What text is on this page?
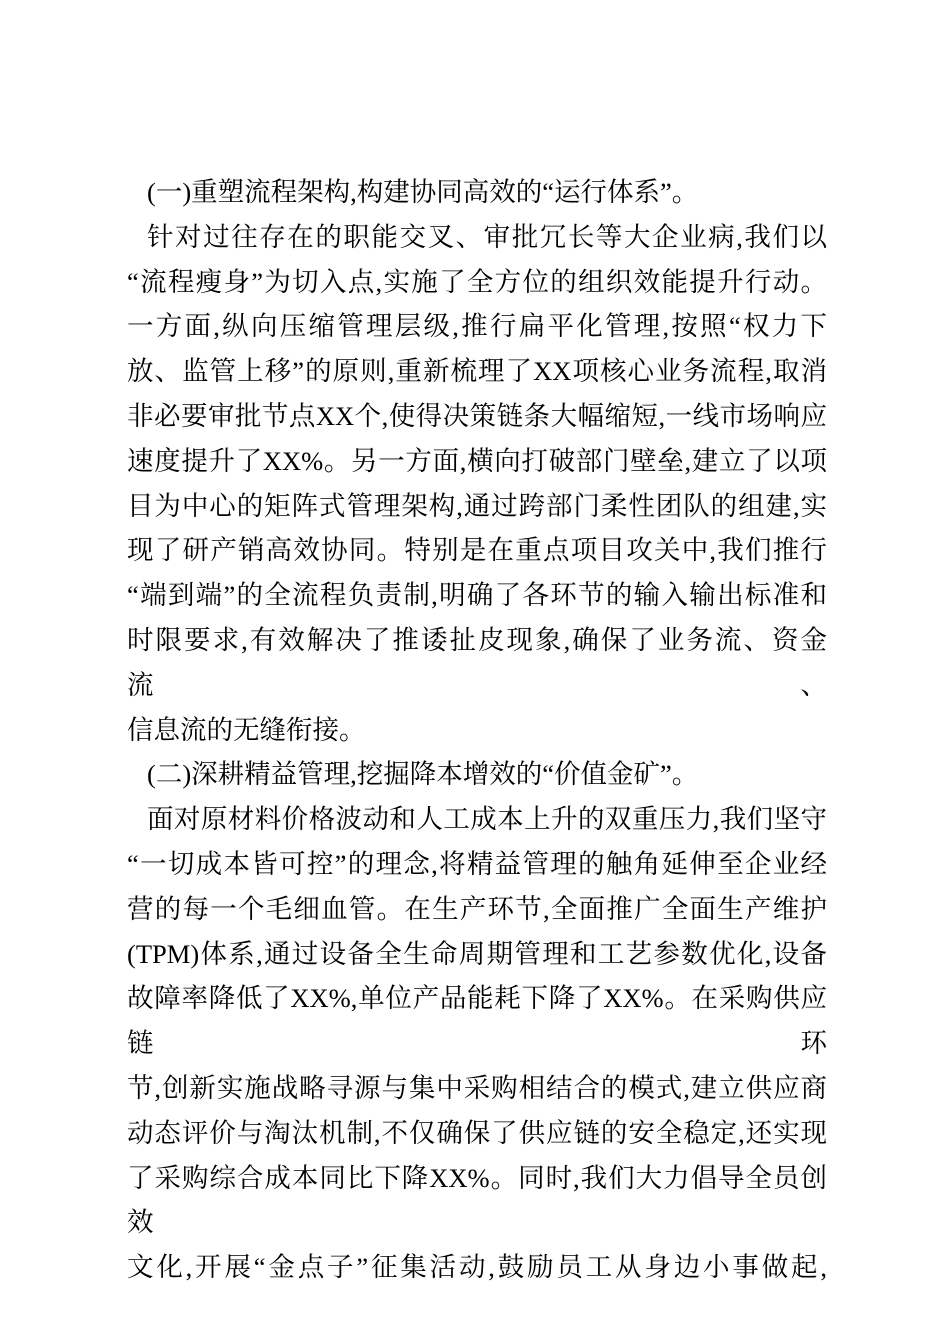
(一)重塑流程架构,构建协同高效的“运行体系”。
针对过往存在的职能交叉、审批冗长等大企业病,我们以
“流程瘦身”为切入点,实施了全方位的组织效能提升行动。
一方面,纵向压缩管理层级,推行扁平化管理,按照“权力下
放、监管上移”的原则,重新梳理了XX项核心业务流程,取消
非必要审批节点XX个,使得决策链条大幅缩短,一线市场响应
速度提升了XX%。另一方面,横向打破部门壁垒,建立了以项
目为中心的矩阵式管理架构,通过跨部门柔性团队的组建,实
现了研产销高效协同。特别是在重点项目攻关中,我们推行
“端到端”的全流程负责制,明确了各环节的输入输出标准和
时限要求,有效解决了推诿扯皮现象,确保了业务流、资金流、
信息流的无缝衔接。
(二)深耕精益管理,挖掘降本增效的“价值金矿”。
面对原材料价格波动和人工成本上升的双重压力,我们坚守
“一切成本皆可控”的理念,将精益管理的触角延伸至企业经
营的每一个毛细血管。在生产环节,全面推广全面生产维护
(TPM)体系,通过设备全生命周期管理和工艺参数优化,设备
故障率降低了XX%,单位产品能耗下降了XX%。在采购供应链环
节,创新实施战略寻源与集中采购相结合的模式,建立供应商
动态评价与淘汰机制,不仅确保了供应链的安全稳定,还实现
了采购综合成本同比下降XX%。同时,我们大力倡导全员创效
文化,开展“金点子”征集活动,鼓励员工从身边小事做起,
